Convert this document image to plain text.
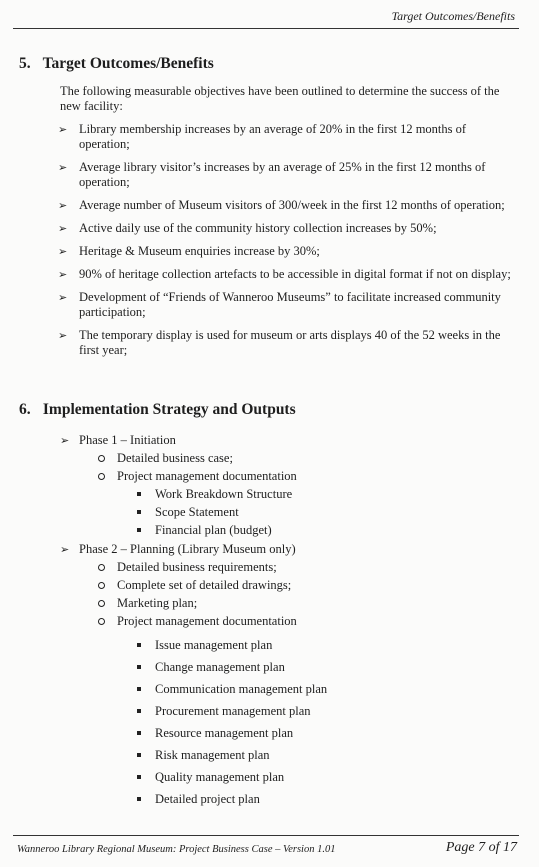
Target Outcomes/Benefits
5. Target Outcomes/Benefits

The following measurable objectives have been outlined to determine the success of the new facility:

➢ Library membership increases by an average of 20% in the first 12 months of operation;
➢ Average library visitor’s increases by an average of 25% in the first 12 months of operation;
➢ Average number of Museum visitors of 300/week in the first 12 months of operation;
➢ Active daily use of the community history collection increases by 50%;
➢ Heritage & Museum enquiries increase by 30%;
➢ 90% of heritage collection artefacts to be accessible in digital format if not on display;
➢ Development of “Friends of Wanneroo Museums” to facilitate increased community participation;
➢ The temporary display is used for museum or arts displays 40 of the 52 weeks in the first year;
6. Implementation Strategy and Outputs
➢ Phase 1 – Initiation
Detailed business case;
Project management documentation
Work Breakdown Structure
Scope Statement
Financial plan (budget)
➢ Phase 2 – Planning (Library Museum only)
Detailed business requirements;
Complete set of detailed drawings;
Marketing plan;
Project management documentation
Issue management plan
Change management plan
Communication management plan
Procurement management plan
Resource management plan
Risk management plan
Quality management plan
Detailed project plan
Wanneroo Library Regional Museum: Project Business Case – Version 1.01	Page 7 of 17
